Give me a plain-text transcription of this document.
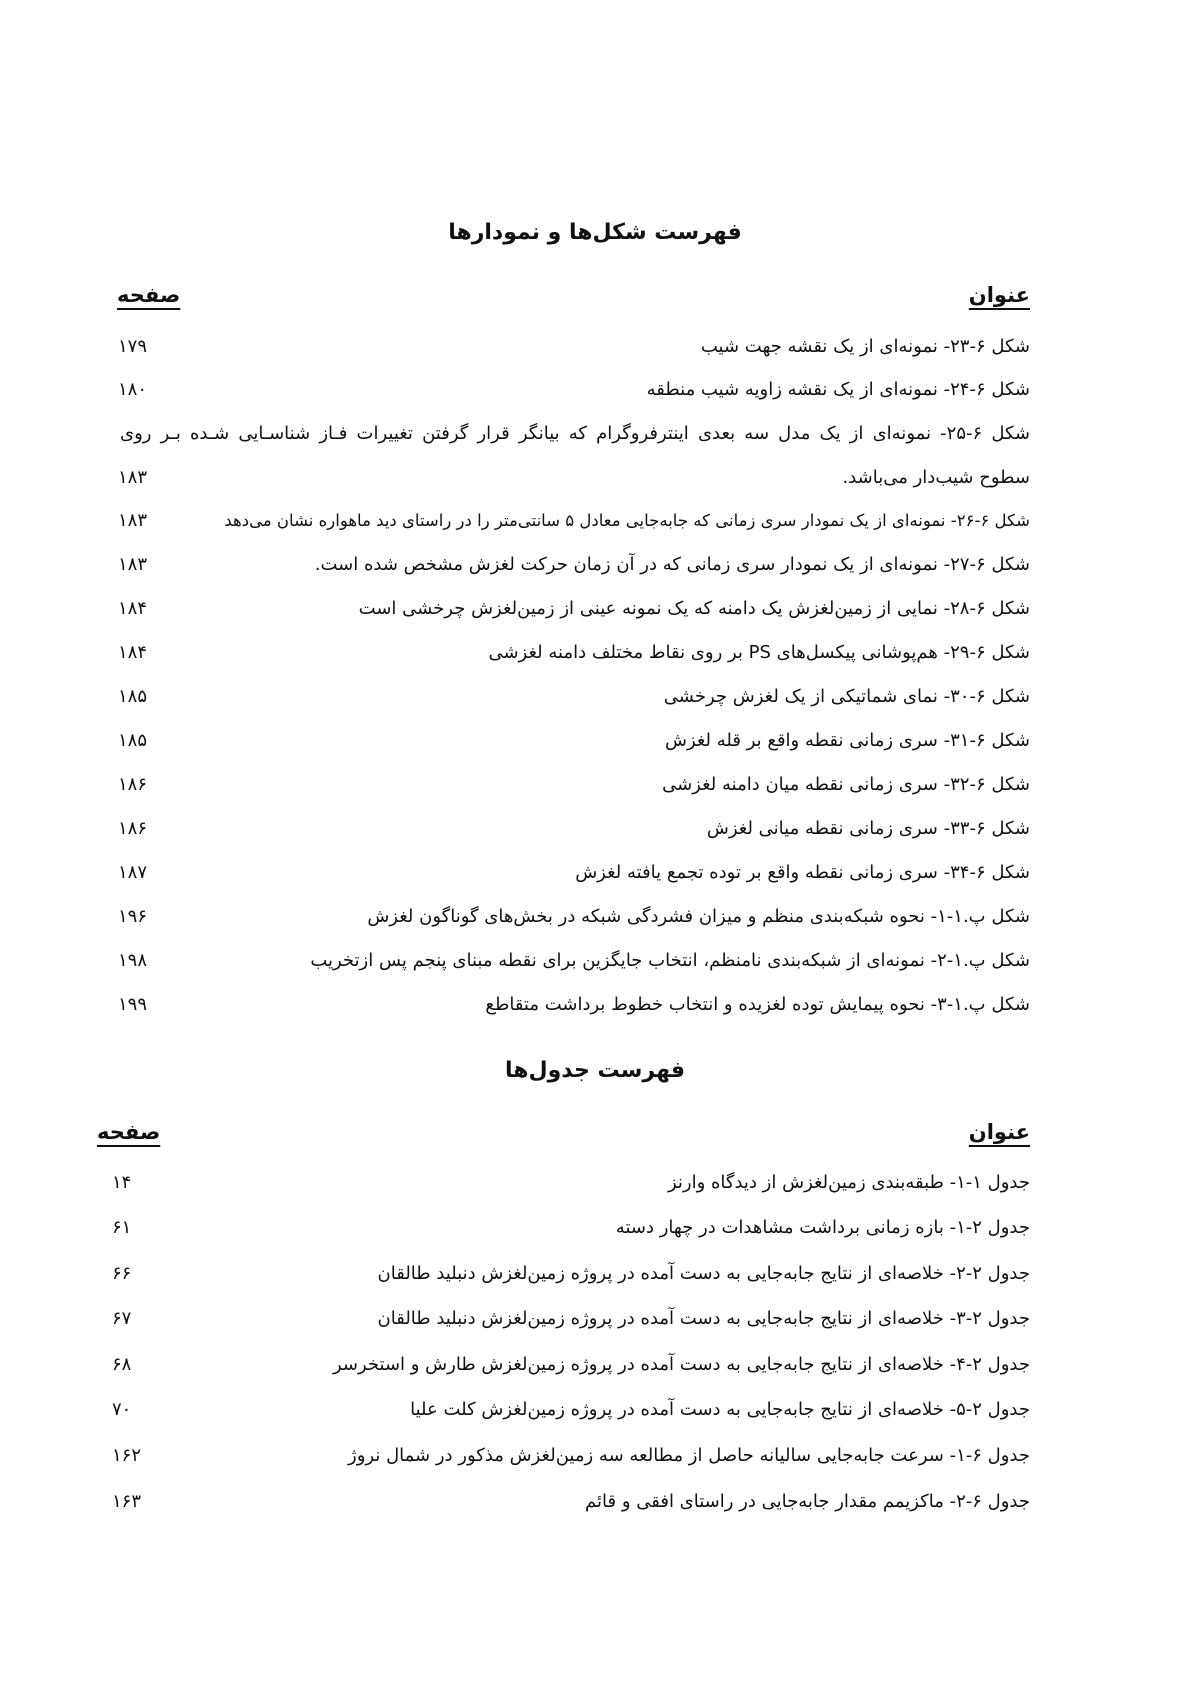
فهرست شکل‌ها و نمودارها
عنوان
صفحه
شکل ۶-۲۳- نمونه‌ای از یک نقشه جهت شیب
۱۷۹
شکل ۶-۲۴- نمونه‌ای از یک نقشه زاویه شیب منطقه
۱۸۰
شکل ۶-۲۵- نمونه‌ای از یک مدل سه بعدی اینترفروگرام که بیانگر قرار گرفتن تغییرات فـاز شناسـایی شـده بـر روی
سطوح شیب‌دار می‌باشد.
۱۸۳
شکل ۶-۲۶- نمونه‌ای از یک نمودار سری زمانی که جابه‌جایی معادل ۵ سانتی‌متر را در راستای دید ماهواره نشان می‌دهد
۱۸۳
شکل ۶-۲۷- نمونه‌ای از یک نمودار سری زمانی که در آن زمان حرکت لغزش مشخص شده است.
۱۸۳
شکل ۶-۲۸- نمایی از زمین‌لغزش یک دامنه که یک نمونه عینی از زمین‌لغزش چرخشی است
۱۸۴
شکل ۶-۲۹- هم‌پوشانی پیکسل‌های PS بر روی نقاط مختلف دامنه لغزشی
۱۸۴
شکل ۶-۳۰- نمای شماتیکی از یک لغزش چرخشی
۱۸۵
شکل ۶-۳۱- سری زمانی نقطه واقع بر قله لغزش
۱۸۵
شکل ۶-۳۲- سری زمانی نقطه میان دامنه لغزشی
۱۸۶
شکل ۶-۳۳- سری زمانی نقطه میانی لغزش
۱۸۶
شکل ۶-۳۴- سری زمانی نقطه واقع بر توده تجمع یافته لغزش
۱۸۷
شکل پ.۱-۱- نحوه شبکه‌بندی منظم و میزان فشردگی شبکه در بخش‌های گوناگون لغزش
۱۹۶
شکل پ.۱-۲- نمونه‌ای از شبکه‌بندی نامنظم، انتخاب جایگزین برای نقطه مبنای پنجم پس ازتخریب
۱۹۸
شکل پ.۱-۳- نحوه پیمایش توده لغزیده و انتخاب خطوط برداشت متقاطع
۱۹۹
فهرست جدول‌ها
عنوان
صفحه
جدول ۱-۱- طبقه‌بندی زمین‌لغزش از دیدگاه وارنز
۱۴
جدول ۲-۱- بازه زمانی برداشت مشاهدات در چهار دسته
۶۱
جدول ۲-۲- خلاصه‌ای از نتایج جابه‌جایی به دست آمده در پروژه زمین‌لغزش دنبلید طالقان
۶۶
جدول ۲-۳- خلاصه‌ای از نتایج جابه‌جایی به دست آمده در پروژه زمین‌لغزش دنبلید طالقان
۶۷
جدول ۲-۴- خلاصه‌ای از نتایج جابه‌جایی به دست آمده در پروژه زمین‌لغزش طارش و استخرسر
۶۸
جدول ۲-۵- خلاصه‌ای از نتایج جابه‌جایی به دست آمده در پروژه زمین‌لغزش کلت علیا
۷۰
جدول ۶-۱- سرعت جابه‌جایی سالیانه حاصل از مطالعه سه زمین‌لغزش مذکور در شمال نروژ
۱۶۲
جدول ۶-۲- ماکزیمم مقدار جابه‌جایی در راستای افقی و قائم
۱۶۳
